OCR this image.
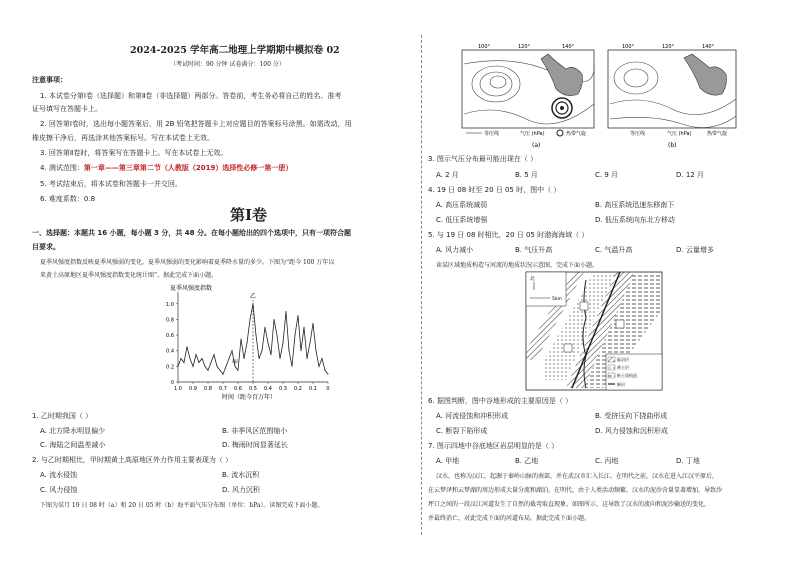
2024-2025 学年高二地理上学期期中模拟卷 02
（考试时间：90 分钟 试卷满分：100 分）
注意事项：
1. 本试卷分第Ⅰ卷（选择题）和第Ⅱ卷（非选择题）两部分。答卷前，考生务必将自己的姓名、准考
证号填写在答题卡上。
2. 回答第Ⅰ卷时，选出每小题答案后，用 2B 铅笔把答题卡上对应题目的答案标号涂黑。如需改动，用
橡皮擦干净后，再选涂其他答案标号。写在本试卷上无效。
3. 回答第Ⅱ卷时，将答案写在答题卡上。写在本试卷上无效。
4. 测试范围：第一章——第三章第二节（人教版（2019）选择性必修一第一册）
5. 考试结束后，将本试卷和答题卡一并交回。
6. 难度系数：0.8
第Ⅰ卷
一、选择题：本题共 16 小题，每小题 3 分，共 48 分。在每小题给出的四个选项中，只有一项符合题
目要求。
夏季风强度指数反映夏季风强弱的变化。夏季风强弱的变化影响着夏季降水量的多少。下图为“距今 100 万年以
来黄土高原地区夏季风强度指数变化统计图”。据此完成下面小题。
夏季风强度指数
0
0.2
0.4
0.6
0.8
1.0
1.0 0.9 0.8 0.7 0.6 0.5 0.4 0.3 0.2 0.1 0
甲
乙
时间（距今百万年）
1. 乙时期我国（ ）
A. 北方降水明显偏少	B. 非季风区范围缩小
C. 海陆之间温差减小	D. 梅雨时间显著延长
2. 与乙时期相比，甲时期黄土高原地区外力作用主要表现为（ ）
A. 流水侵蚀	B. 流水沉积
C. 风力侵蚀	D. 风力沉积
下图为某月 19 日 08 时（a）和 20 日 05 时（b）海平面气压分布图（单位：hPa）。读图完成下面小题。
100°	120°	140°	100°	120°	140°
等压线	气压 (hPa)	热带气旋	等压线	气压 (hPa)	热带气旋
(a)	(b)
3. 图示气压分布最可能出现在（ ）
A. 2 月	B. 5 月	C. 9 月	D. 12 月
4. 19 日 08 时至 20 日 05 时，图中（ ）
A. 高压系统减弱	B. 高压系统迅速东移南下
C. 低压系统增强	D. 低压系统向东北方移动
5. 与 19 日 08 时相比，20 日 05 时渤海海域（ ）
A. 风力减小	B. 气压升高	C. 气温升高	D. 云量增多
读某区域地质构造与河流的地质状况示意图，完成下面小题。
北
5km
砾岩层
黄土层
粘土质构造
断层
6. 据图判断，图中谷地形成的主要原因是（ ）
A. 河流侵蚀和冲积形成	B. 受挤压向下挠曲形成
C. 断裂下陷形成	D. 风力侵蚀和沉积形成
7. 图示四地中谷底地区岩层明显的是（ ）
A. 甲地	B. 乙地	C. 丙地	D. 丁地
汉水，也称为汉江，起源于秦岭山脉的南部，并在武汉市汇入长江。在明代之前，汉水在进入江汉平原后，
在云梦泽和云梦湖的周边形成大量分流和湖泊。在明代，由于人类活动频繁，汉水的泥沙含量显著增加，导致沙
坪口之间的一段汉江河道发生了自然的截弯取直现象。如图所示，这导致了汉水的流向和泥沙输送的变化，
并最终消亡。对此完成下面的河道布局。据此完成下面小题。
